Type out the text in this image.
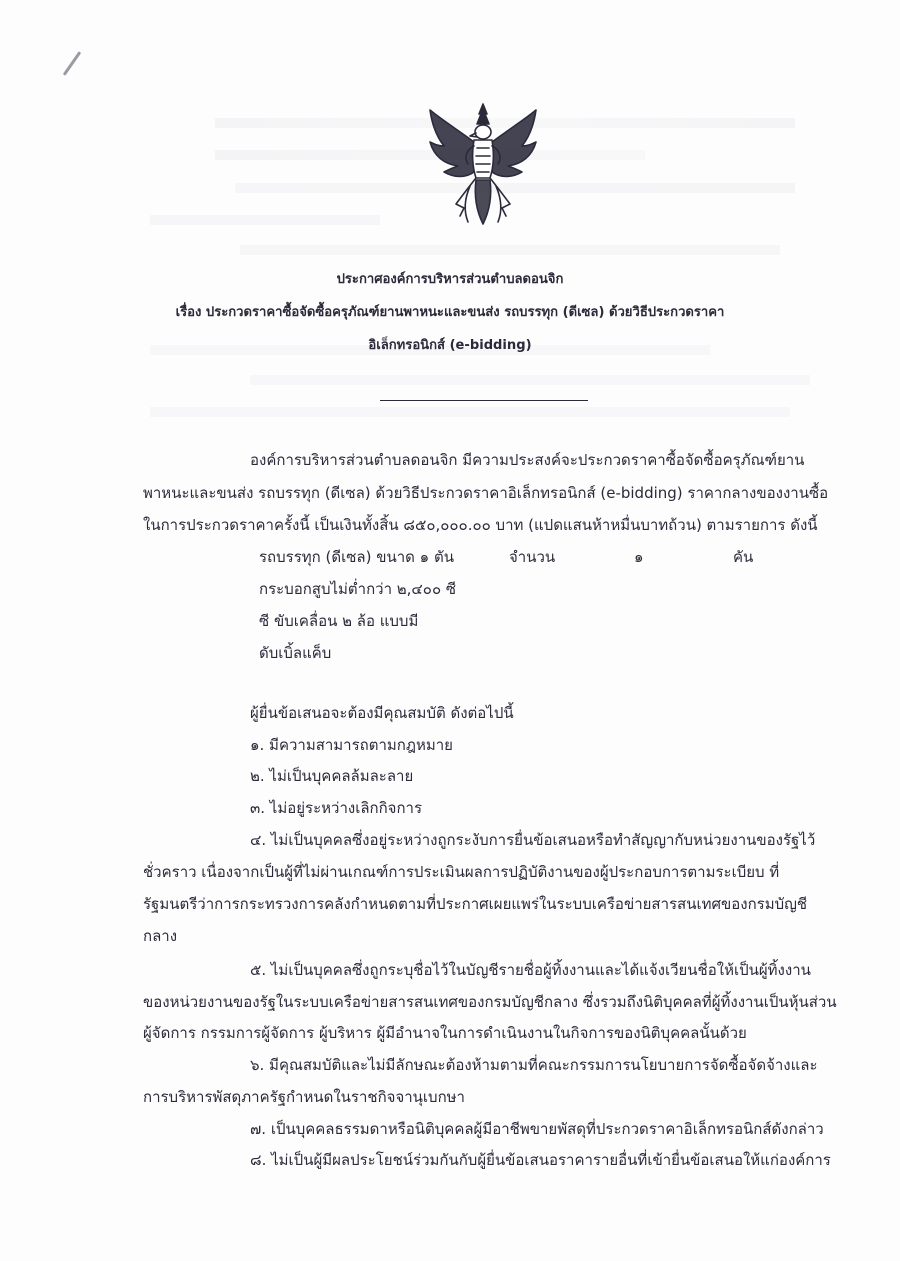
ประกาศองค์การบริหารส่วนตำบลดอนจิก
เรื่อง ประกวดราคาซื้อจัดซื้อครุภัณฑ์ยานพาหนะและขนส่ง รถบรรทุก (ดีเซล) ด้วยวิธีประกวดราคา
อิเล็กทรอนิกส์ (e-bidding)
องค์การบริหารส่วนตำบลดอนจิก มีความประสงค์จะประกวดราคาซื้อจัดซื้อครุภัณฑ์ยาน
พาหนะและขนส่ง รถบรรทุก (ดีเซล) ด้วยวิธีประกวดราคาอิเล็กทรอนิกส์ (e-bidding) ราคากลางของงานซื้อ
ในการประกวดราคาครั้งนี้ เป็นเงินทั้งสิ้น ๘๕๐,๐๐๐.๐๐ บาท (แปดแสนห้าหมื่นบาทถ้วน) ตามรายการ ดังนี้
รถบรรทุก (ดีเซล) ขนาด ๑ ตัน	จำนวน	๑	คัน
กระบอกสูบไม่ต่ำกว่า ๒,๔๐๐ ซี
ซี ขับเคลื่อน ๒ ล้อ แบบมี
ดับเบิ้ลแค็บ
ผู้ยื่นข้อเสนอจะต้องมีคุณสมบัติ ดังต่อไปนี้
๑. มีความสามารถตามกฎหมาย
๒. ไม่เป็นบุคคลล้มละลาย
๓. ไม่อยู่ระหว่างเลิกกิจการ
๔. ไม่เป็นบุคคลซึ่งอยู่ระหว่างถูกระงับการยื่นข้อเสนอหรือทำสัญญากับหน่วยงานของรัฐไว้
ชั่วคราว เนื่องจากเป็นผู้ที่ไม่ผ่านเกณฑ์การประเมินผลการปฏิบัติงานของผู้ประกอบการตามระเบียบ ที่
รัฐมนตรีว่าการกระทรวงการคลังกำหนดตามที่ประกาศเผยแพร่ในระบบเครือข่ายสารสนเทศของกรมบัญชี
กลาง
๕. ไม่เป็นบุคคลซึ่งถูกระบุชื่อไว้ในบัญชีรายชื่อผู้ทิ้งงานและได้แจ้งเวียนชื่อให้เป็นผู้ทิ้งงาน
ของหน่วยงานของรัฐในระบบเครือข่ายสารสนเทศของกรมบัญชีกลาง ซึ่งรวมถึงนิติบุคคลที่ผู้ทิ้งงานเป็นหุ้นส่วน
ผู้จัดการ กรรมการผู้จัดการ ผู้บริหาร ผู้มีอำนาจในการดำเนินงานในกิจการของนิติบุคคลนั้นด้วย
๖. มีคุณสมบัติและไม่มีลักษณะต้องห้ามตามที่คณะกรรมการนโยบายการจัดซื้อจัดจ้างและ
การบริหารพัสดุภาครัฐกำหนดในราชกิจจานุเบกษา
๗. เป็นบุคคลธรรมดาหรือนิติบุคคลผู้มีอาชีพขายพัสดุที่ประกวดราคาอิเล็กทรอนิกส์ดังกล่าว
๘. ไม่เป็นผู้มีผลประโยชน์ร่วมกันกับผู้ยื่นข้อเสนอราคารายอื่นที่เข้ายื่นข้อเสนอให้แก่องค์การ
